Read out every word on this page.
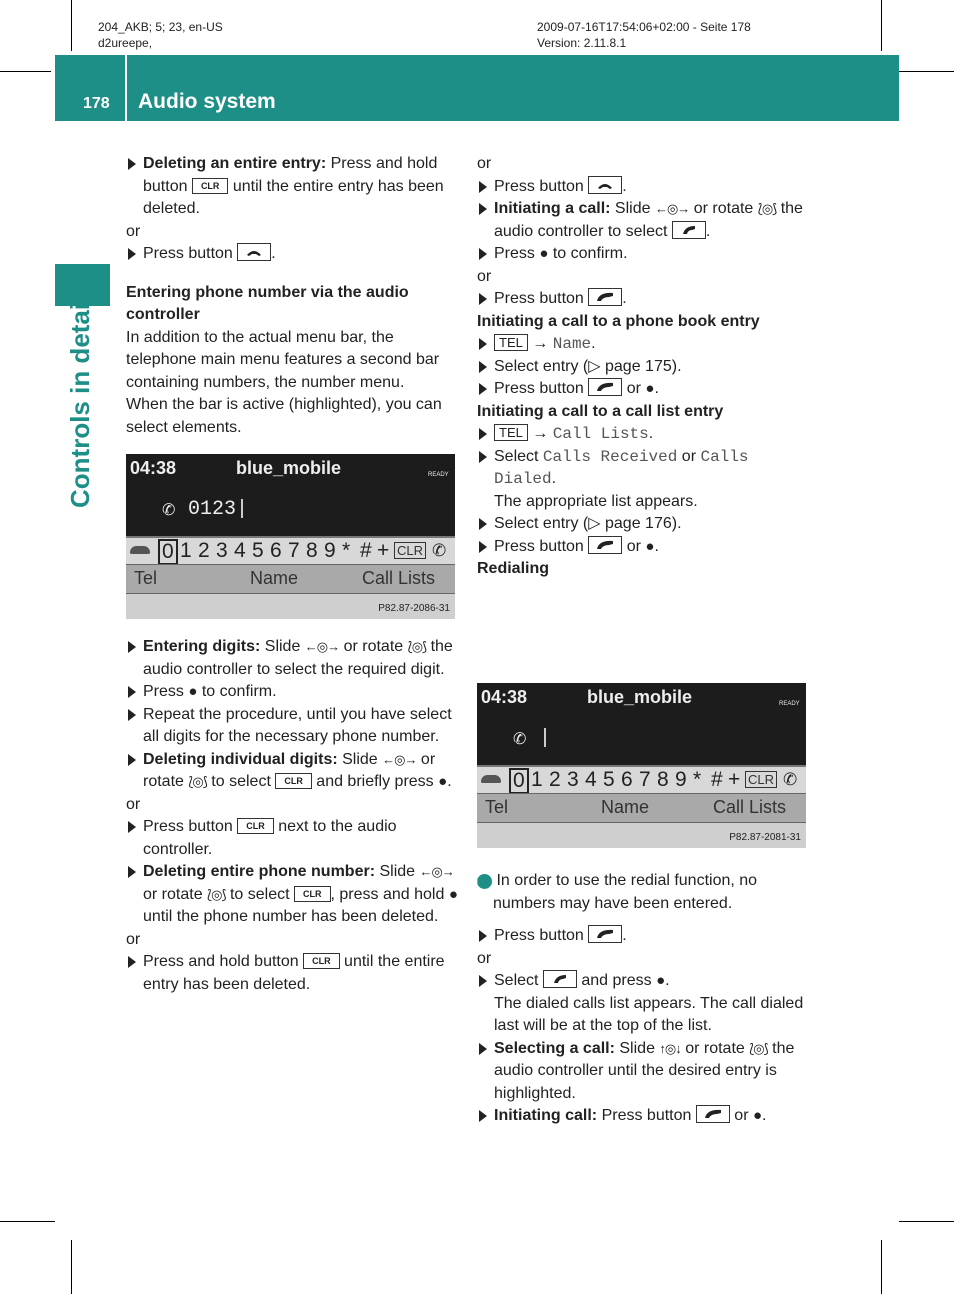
204_AKB; 5; 23, en-US
d2ureepe,
2009-07-16T17:54:06+02:00 - Seite 178
Version: 2.11.8.1
178 Audio system
Controls in detail

Deleting an entire entry: Press and hold button CLR until the entire entry has been deleted.

or

Press button
.

Entering phone number via the audio controller

In addition to the actual menu bar, the telephone main menu features a second bar containing numbers, the number menu.

When the bar is active (highlighted), you can select elements.

04:38	blue_mobile	READY
✆ 0123|
0 1 2 3 4 5 6 7 8 9 * # + CLR ✆
Tel	Name	Call Lists
P82.87-2086-31

Entering digits: Slide ←◎→ or rotate ⟅◎⟆ the audio controller to select the required digit.

Press ● to confirm.

Repeat the procedure, until you have select all digits for the necessary phone number.

Deleting individual digits: Slide ←◎→ or rotate ⟅◎⟆ to select CLR and briefly press ●.

or

Press button CLR next to the audio controller.

Deleting entire phone number: Slide ←◎→ or rotate ⟅◎⟆ to select CLR , press and hold ● until the phone number has been deleted.

or

Press and hold button CLR until the entire entry has been deleted.

or

Press button
.

Initiating a call: Slide ←◎→ or rotate ⟅◎⟆ the audio controller to select
.

Press ● to confirm.

or

Press button
.

Initiating a call to a phone book entry

TEL → Name.

Select entry (▷ page 175).

Press button
or ●.

Initiating a call to a call list entry

TEL → Call Lists.

Select Calls Received or Calls Dialed.
The appropriate list appears.

Select entry (▷ page 176).

Press button
or ●.

Redialing

04:38	blue_mobile	READY
✆ |
0 1 2 3 4 5 6 7 8 9 * # + CLR ✆
Tel	Name	Call Lists
P82.87-2081-31

i In order to use the redial function, no numbers may have been entered.

Press button
.

or

Select
and press ●.
The dialed calls list appears. The call dialed last will be at the top of the list.

Selecting a call: Slide ↑◎↓ or rotate ⟅◎⟆ the audio controller until the desired entry is highlighted.

Initiating call: Press button
or ●.
